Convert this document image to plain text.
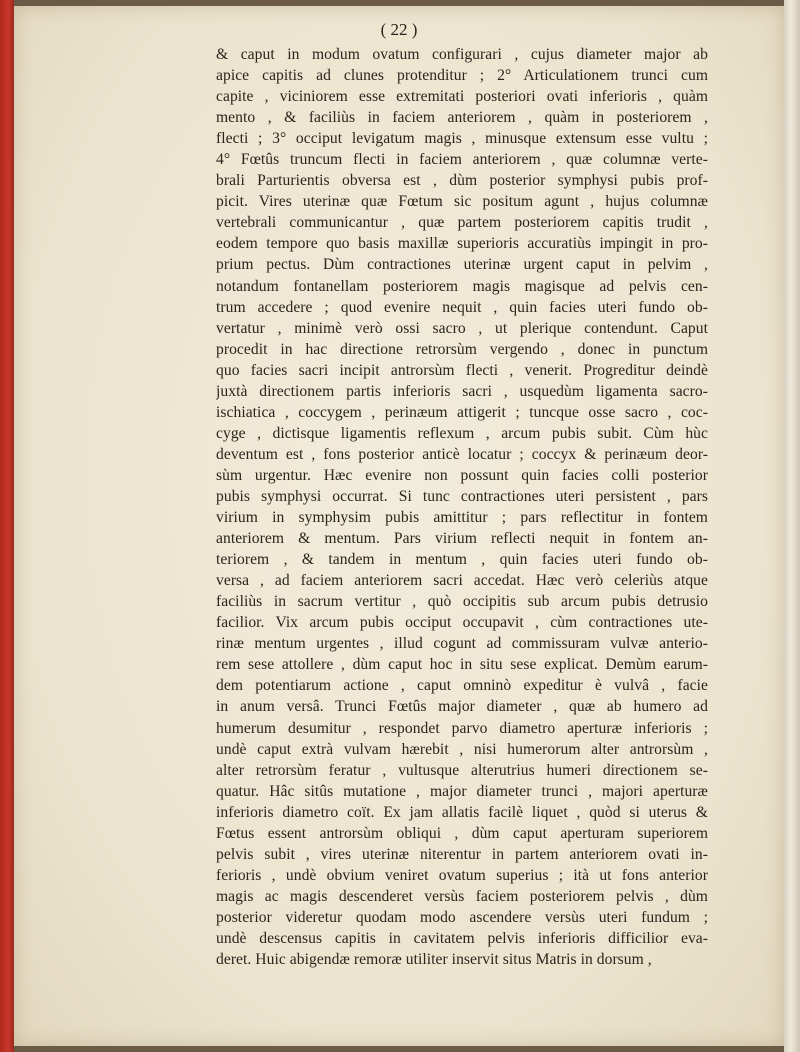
( 22 )
& caput in modum ovatum configurari , cujus diameter major ab
apice capitis ad clunes protenditur ; 2° Articulationem trunci cum
capite , viciniorem esse extremitati posteriori ovati inferioris , quàm
mento , & faciliùs in faciem anteriorem , quàm in posteriorem ,
flecti ; 3° occiput levigatum magis , minusque extensum esse vultu ;
4° Fœtûs truncum flecti in faciem anteriorem , quæ columnæ verte-
brali Parturientis obversa est , dùm posterior symphysi pubis prof-
picit. Vires uterinæ quæ Fœtum sic positum agunt , hujus columnæ
vertebrali communicantur , quæ partem posteriorem capitis trudit ,
eodem tempore quo basis maxillæ superioris accuratiùs impingit in pro-
prium pectus. Dùm contractiones uterinæ urgent caput in pelvim ,
notandum fontanellam posteriorem magis magisque ad pelvis cen-
trum accedere ; quod evenire nequit , quin facies uteri fundo ob-
vertatur , minimè verò ossi sacro , ut plerique contendunt. Caput
procedit in hac directione retrorsùm vergendo , donec in punctum
quo facies sacri incipit antrorsùm flecti , venerit. Progreditur deindè
juxtà directionem partis inferioris sacri , usquedùm ligamenta sacro-
ischiatica , coccygem , perinæum attigerit ; tuncque osse sacro , coc-
cyge , dictisque ligamentis reflexum , arcum pubis subit. Cùm hùc
deventum est , fons posterior anticè locatur ; coccyx & perinæum deor-
sùm urgentur. Hæc evenire non possunt quin facies colli posterior
pubis symphysi occurrat. Si tunc contractiones uteri persistent , pars
virium in symphysim pubis amittitur ; pars reflectitur in fontem
anteriorem & mentum. Pars virium reflecti nequit in fontem an-
teriorem , & tandem in mentum , quin facies uteri fundo ob-
versa , ad faciem anteriorem sacri accedat. Hæc verò celeriùs atque
faciliùs in sacrum vertitur , quò occipitis sub arcum pubis detrusio
facilior. Vix arcum pubis occiput occupavit , cùm contractiones ute-
rinæ mentum urgentes , illud cogunt ad commissuram vulvæ anterio-
rem sese attollere , dùm caput hoc in situ sese explicat. Demùm earum-
dem potentiarum actione , caput omninò expeditur è vulvâ , facie
in anum versâ. Trunci Fœtûs major diameter , quæ ab humero ad
humerum desumitur , respondet parvo diametro aperturæ inferioris ;
undè caput extrà vulvam hærebit , nisi humerorum alter antrorsùm ,
alter retrorsùm feratur , vultusque alterutrius humeri directionem se-
quatur. Hâc sitûs mutatione , major diameter trunci , majori aperturæ
inferioris diametro coït. Ex jam allatis facilè liquet , quòd si uterus &
Fœtus essent antrorsùm obliqui , dùm caput aperturam superiorem
pelvis subit , vires uterinæ niterentur in partem anteriorem ovati in-
ferioris , undè obvium veniret ovatum superius ; ità ut fons anterior
magis ac magis descenderet versùs faciem posteriorem pelvis , dùm
posterior videretur quodam modo ascendere versùs uteri fundum ;
undè descensus capitis in cavitatem pelvis inferioris difficilior eva-
deret. Huic abigendæ remoræ utiliter inservit situs Matris in dorsum ,
